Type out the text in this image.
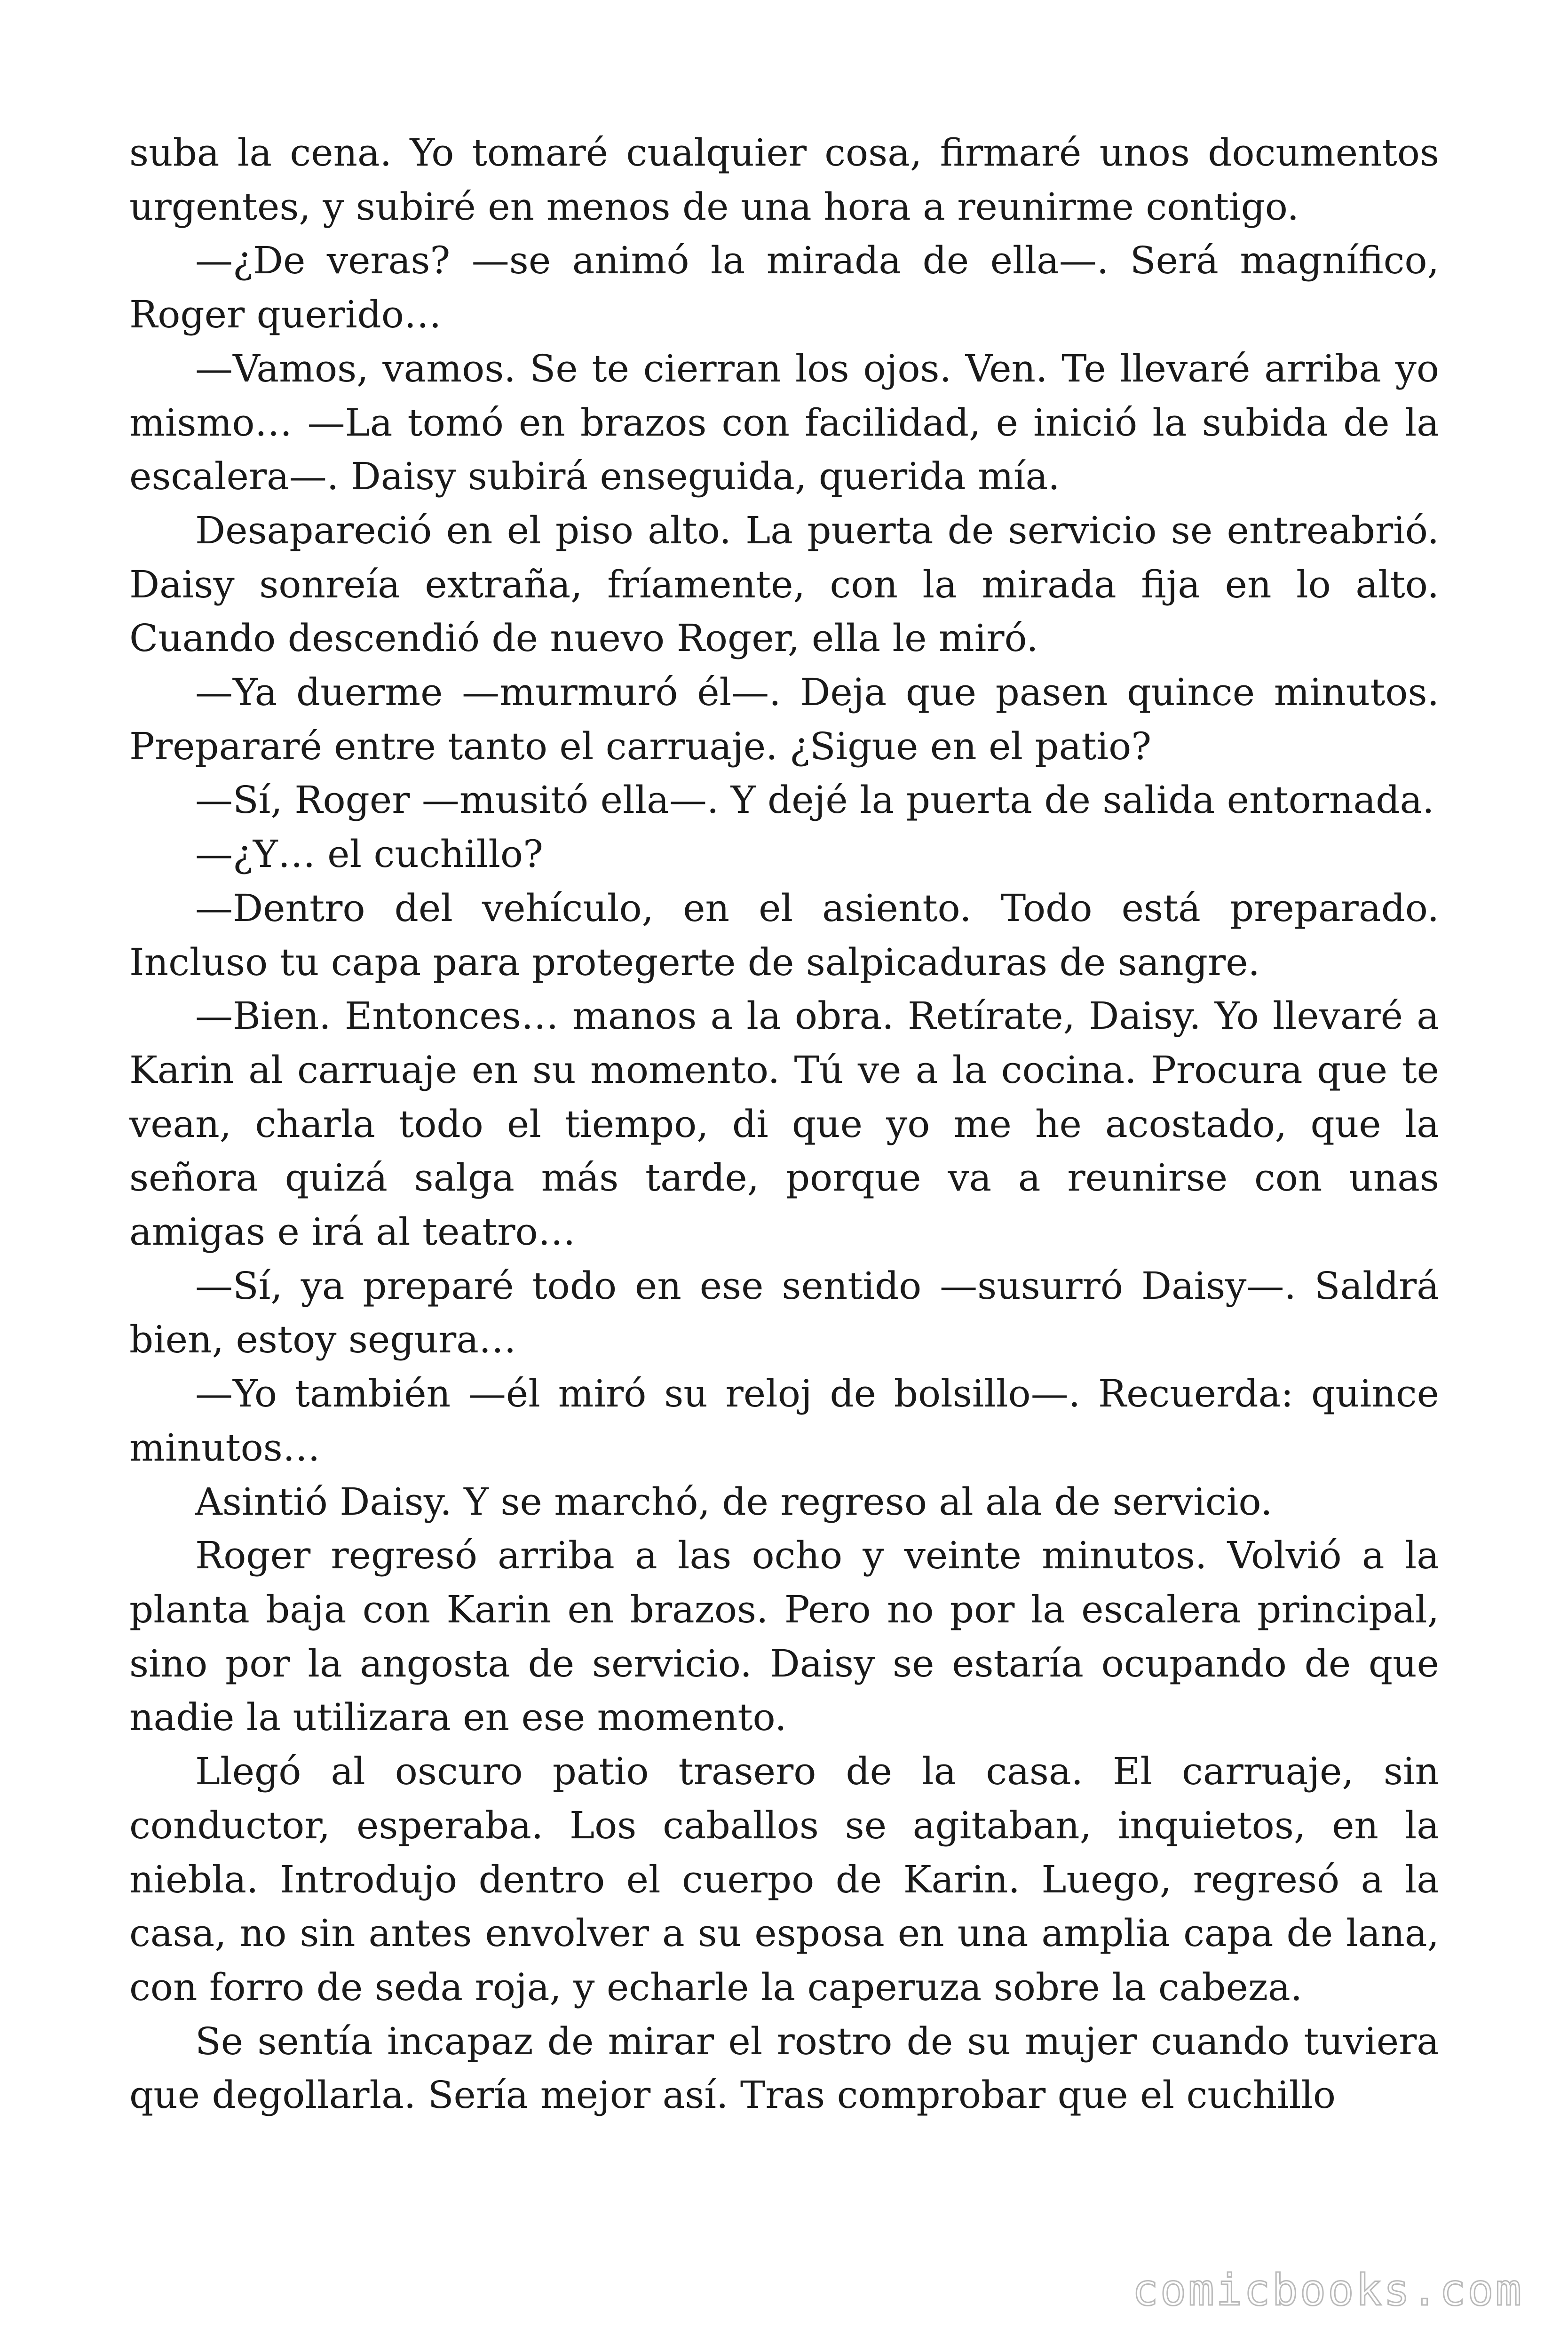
suba la cena. Yo tomaré cualquier cosa, firmaré unos documentos urgentes, y subiré en menos de una hora a reunirme contigo.

—¿De veras? —se animó la mirada de ella—. Será magnífico, Roger querido…

—Vamos, vamos. Se te cierran los ojos. Ven. Te llevaré arriba yo mismo… —La tomó en brazos con facilidad, e inició la subida de la escalera—. Daisy subirá enseguida, querida mía.

Desapareció en el piso alto. La puerta de servicio se entreabrió. Daisy sonreía extraña, fríamente, con la mirada fija en lo alto. Cuando descendió de nuevo Roger, ella le miró.

—Ya duerme —murmuró él—. Deja que pasen quince minutos. Prepararé entre tanto el carruaje. ¿Sigue en el patio?

—Sí, Roger —musitó ella—. Y dejé la puerta de salida entornada.

—¿Y… el cuchillo?

—Dentro del vehículo, en el asiento. Todo está preparado. Incluso tu capa para protegerte de salpicaduras de sangre.

—Bien. Entonces… manos a la obra. Retírate, Daisy. Yo llevaré a Karin al carruaje en su momento. Tú ve a la cocina. Procura que te vean, charla todo el tiempo, di que yo me he acostado, que la señora quizá salga más tarde, porque va a reunirse con unas amigas e irá al teatro…

—Sí, ya preparé todo en ese sentido —susurró Daisy—. Saldrá bien, estoy segura…

—Yo también —él miró su reloj de bolsillo—. Recuerda: quince minutos…

Asintió Daisy. Y se marchó, de regreso al ala de servicio.

Roger regresó arriba a las ocho y veinte minutos. Volvió a la planta baja con Karin en brazos. Pero no por la escalera principal, sino por la angosta de servicio. Daisy se estaría ocupando de que nadie la utilizara en ese momento.

Llegó al oscuro patio trasero de la casa. El carruaje, sin conductor, esperaba. Los caballos se agitaban, inquietos, en la niebla. Introdujo dentro el cuerpo de Karin. Luego, regresó a la casa, no sin antes envolver a su esposa en una amplia capa de lana, con forro de seda roja, y echarle la caperuza sobre la cabeza.

Se sentía incapaz de mirar el rostro de su mujer cuando tuviera que degollarla. Sería mejor así. Tras comprobar que el cuchillo

comicbooks.com
